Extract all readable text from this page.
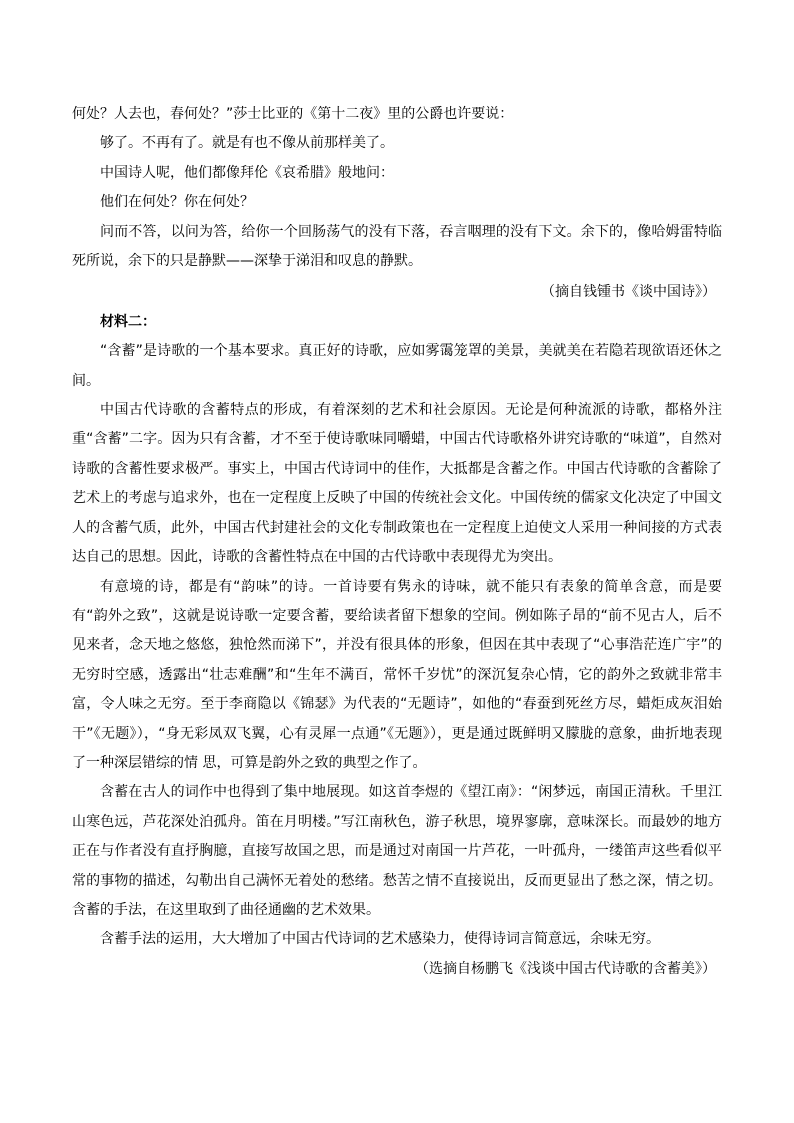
何处？人去也，春何处？”莎士比亚的《第十二夜》里的公爵也许要说：

够了。不再有了。就是有也不像从前那样美了。

中国诗人呢，他们都像拜伦《哀希腊》般地问：

他们在何处？你在何处？

问而不答，以问为答，给你一个回肠荡气的没有下落，吞言咽理的没有下文。余下的，像哈姆雷特临死所说，余下的只是静默——深挚于涕泪和叹息的静默。

（摘自钱锺书《谈中国诗》）

材料二：

“含蓄”是诗歌的一个基本要求。真正好的诗歌，应如雾霭笼罩的美景，美就美在若隐若现欲语还休之间。

中国古代诗歌的含蓄特点的形成，有着深刻的艺术和社会原因。无论是何种流派的诗歌，都格外注重“含蓄”二字。因为只有含蓄，才不至于使诗歌味同嚼蜡，中国古代诗歌格外讲究诗歌的“味道”，自然对诗歌的含蓄性要求极严。事实上，中国古代诗词中的佳作，大抵都是含蓄之作。中国古代诗歌的含蓄除了艺术上的考虑与追求外，也在一定程度上反映了中国的传统社会文化。中国传统的儒家文化决定了中国文人的含蓄气质，此外，中国古代封建社会的文化专制政策也在一定程度上迫使文人采用一种间接的方式表达自己的思想。因此，诗歌的含蓄性特点在中国的古代诗歌中表现得尤为突出。

有意境的诗，都是有“韵味”的诗。一首诗要有隽永的诗味，就不能只有表象的简单含意，而是要有“韵外之致”，这就是说诗歌一定要含蓄，要给读者留下想象的空间。例如陈子昂的“前不见古人，后不见来者，念天地之悠悠，独怆然而涕下”，并没有很具体的形象，但因在其中表现了“心事浩茫连广宇”的无穷时空感，透露出“壮志难酬”和“生年不满百，常怀千岁忧”的深沉复杂心情，它的韵外之致就非常丰富，令人味之无穷。至于李商隐以《锦瑟》为代表的“无题诗”，如他的“春蚕到死丝方尽，蜡炬成灰泪始干”《无题》），“身无彩凤双飞翼，心有灵犀一点通”《无题》），更是通过既鲜明又朦胧的意象，曲折地表现了一种深层错综的情 思，可算是韵外之致的典型之作了。

含蓄在古人的词作中也得到了集中地展现。如这首李煜的《望江南》：“闲梦远，南国正清秋。千里江山寒色远，芦花深处泊孤舟。笛在月明楼。”写江南秋色，游子秋思，境界寥廓，意味深长。而最妙的地方正在与作者没有直抒胸臆，直接写故国之思，而是通过对南国一片芦花，一叶孤舟，一缕笛声这些看似平常的事物的描述，勾勒出自己满怀无着处的愁绪。愁苦之情不直接说出，反而更显出了愁之深，情之切。含蓄的手法，在这里取到了曲径通幽的艺术效果。

含蓄手法的运用，大大增加了中国古代诗词的艺术感染力，使得诗词言简意远，余味无穷。

（选摘自杨鹏飞《浅谈中国古代诗歌的含蓄美》）
